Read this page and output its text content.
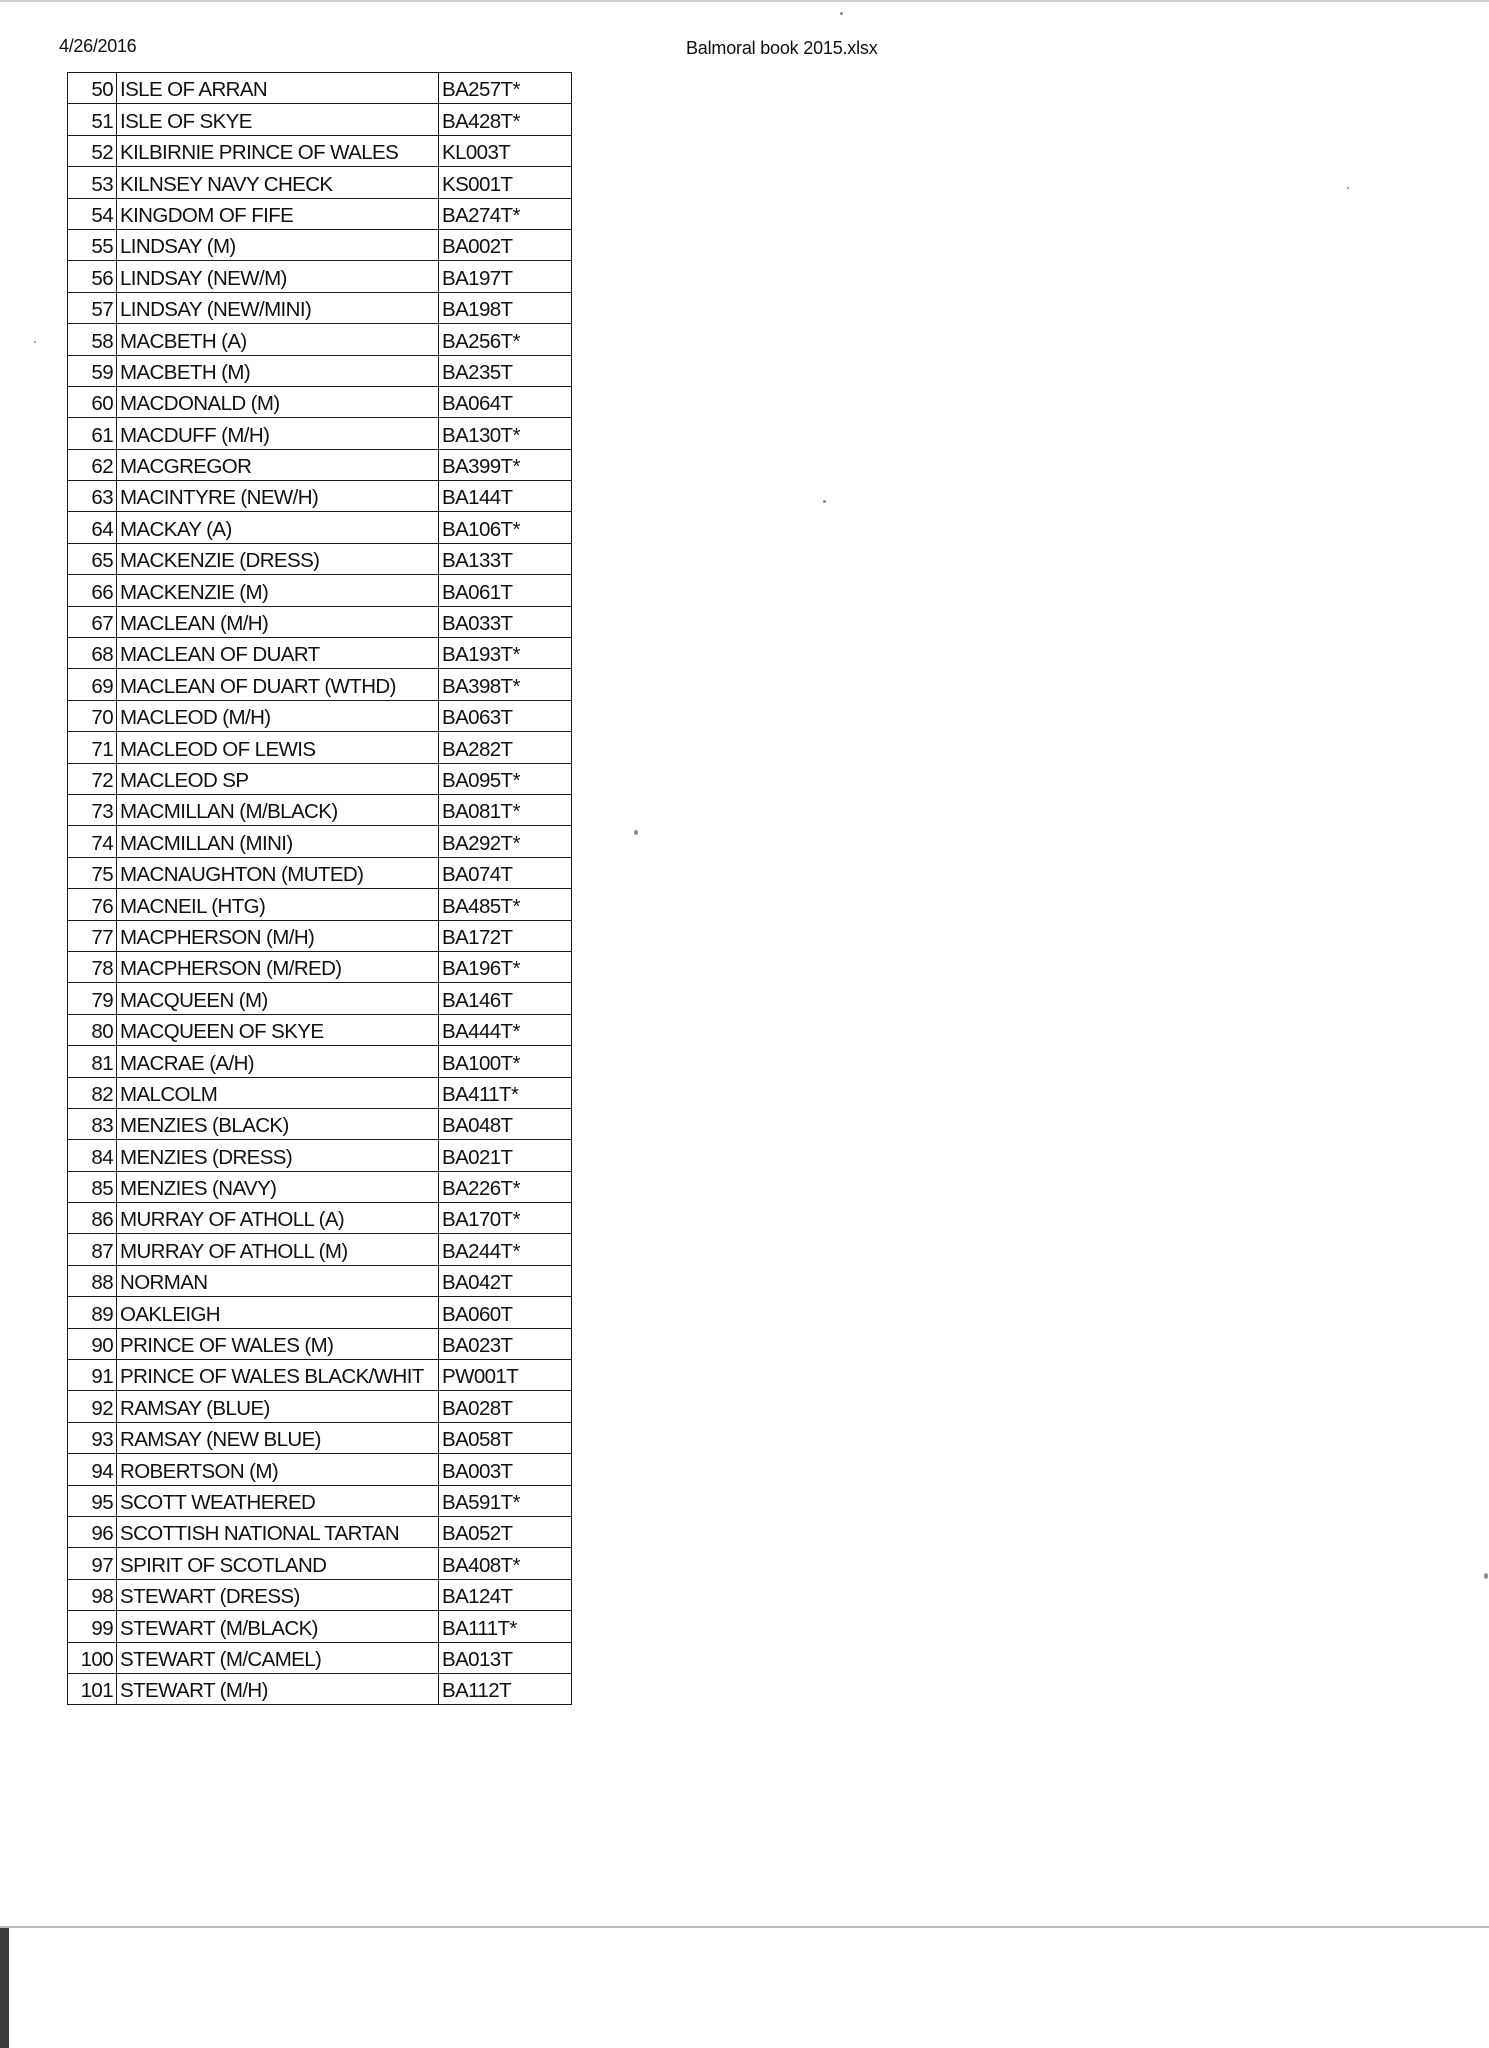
4/26/2016	Balmoral book 2015.xlsx
50	ISLE OF ARRAN	BA257T*
51	ISLE OF SKYE	BA428T*
52	KILBIRNIE PRINCE OF WALES	KL003T
53	KILNSEY NAVY CHECK	KS001T
54	KINGDOM OF FIFE	BA274T*
55	LINDSAY (M)	BA002T
56	LINDSAY (NEW/M)	BA197T
57	LINDSAY (NEW/MINI)	BA198T
58	MACBETH (A)	BA256T*
59	MACBETH (M)	BA235T
60	MACDONALD (M)	BA064T
61	MACDUFF (M/H)	BA130T*
62	MACGREGOR	BA399T*
63	MACINTYRE (NEW/H)	BA144T
64	MACKAY (A)	BA106T*
65	MACKENZIE (DRESS)	BA133T
66	MACKENZIE (M)	BA061T
67	MACLEAN (M/H)	BA033T
68	MACLEAN OF DUART	BA193T*
69	MACLEAN OF DUART (WTHD)	BA398T*
70	MACLEOD (M/H)	BA063T
71	MACLEOD OF LEWIS	BA282T
72	MACLEOD SP	BA095T*
73	MACMILLAN (M/BLACK)	BA081T*
74	MACMILLAN (MINI)	BA292T*
75	MACNAUGHTON (MUTED)	BA074T
76	MACNEIL (HTG)	BA485T*
77	MACPHERSON (M/H)	BA172T
78	MACPHERSON (M/RED)	BA196T*
79	MACQUEEN (M)	BA146T
80	MACQUEEN OF SKYE	BA444T*
81	MACRAE (A/H)	BA100T*
82	MALCOLM	BA411T*
83	MENZIES (BLACK)	BA048T
84	MENZIES (DRESS)	BA021T
85	MENZIES (NAVY)	BA226T*
86	MURRAY OF ATHOLL (A)	BA170T*
87	MURRAY OF ATHOLL (M)	BA244T*
88	NORMAN	BA042T
89	OAKLEIGH	BA060T
90	PRINCE OF WALES (M)	BA023T
91	PRINCE OF WALES BLACK/WHIT	PW001T
92	RAMSAY (BLUE)	BA028T
93	RAMSAY (NEW BLUE)	BA058T
94	ROBERTSON (M)	BA003T
95	SCOTT WEATHERED	BA591T*
96	SCOTTISH NATIONAL TARTAN	BA052T
97	SPIRIT OF SCOTLAND	BA408T*
98	STEWART (DRESS)	BA124T
99	STEWART (M/BLACK)	BA111T*
100	STEWART (M/CAMEL)	BA013T
101	STEWART (M/H)	BA112T
